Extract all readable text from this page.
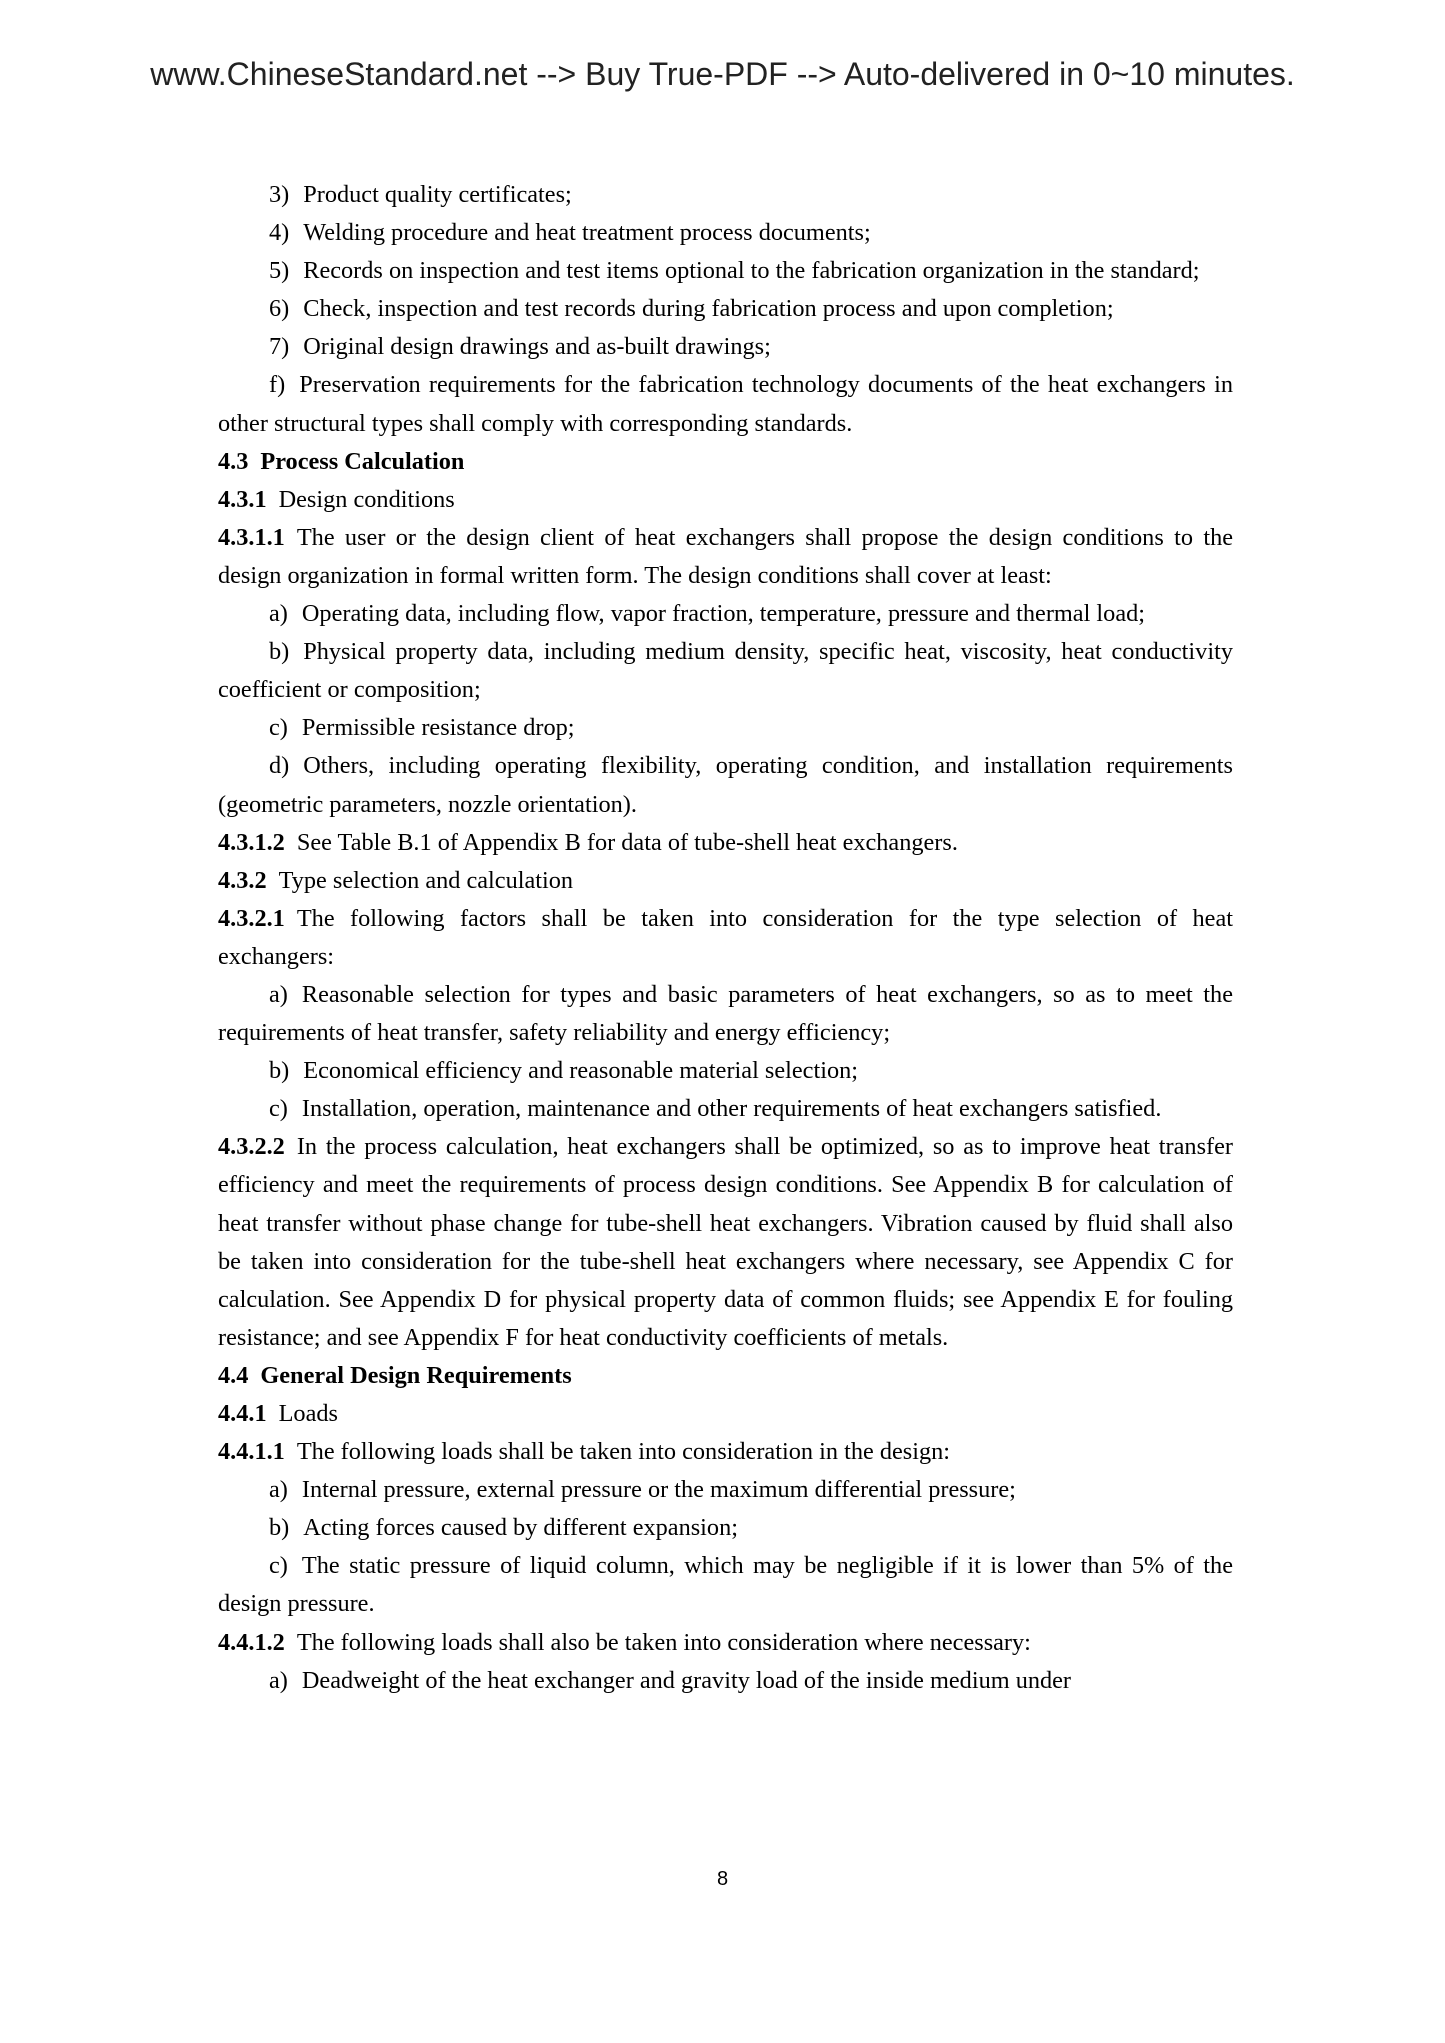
www.ChineseStandard.net --> Buy True-PDF --> Auto-delivered in 0~10 minutes.

3) Product quality certificates;

4) Welding procedure and heat treatment process documents;

5) Records on inspection and test items optional to the fabrication organization in the standard;

6) Check, inspection and test records during fabrication process and upon completion;

7) Original design drawings and as-built drawings;

f) Preservation requirements for the fabrication technology documents of the heat exchangers in other structural types shall comply with corresponding standards.

4.3 Process Calculation

4.3.1 Design conditions

4.3.1.1 The user or the design client of heat exchangers shall propose the design conditions to the design organization in formal written form. The design conditions shall cover at least:

a) Operating data, including flow, vapor fraction, temperature, pressure and thermal load;

b) Physical property data, including medium density, specific heat, viscosity, heat conductivity coefficient or composition;

c) Permissible resistance drop;

d) Others, including operating flexibility, operating condition, and installation requirements (geometric parameters, nozzle orientation).

4.3.1.2 See Table B.1 of Appendix B for data of tube-shell heat exchangers.

4.3.2 Type selection and calculation

4.3.2.1 The following factors shall be taken into consideration for the type selection of heat exchangers:

a) Reasonable selection for types and basic parameters of heat exchangers, so as to meet the requirements of heat transfer, safety reliability and energy efficiency;

b) Economical efficiency and reasonable material selection;

c) Installation, operation, maintenance and other requirements of heat exchangers satisfied.

4.3.2.2 In the process calculation, heat exchangers shall be optimized, so as to improve heat transfer efficiency and meet the requirements of process design conditions. See Appendix B for calculation of heat transfer without phase change for tube-shell heat exchangers. Vibration caused by fluid shall also be taken into consideration for the tube-shell heat exchangers where necessary, see Appendix C for calculation. See Appendix D for physical property data of common fluids; see Appendix E for fouling resistance; and see Appendix F for heat conductivity coefficients of metals.

4.4 General Design Requirements

4.4.1 Loads

4.4.1.1 The following loads shall be taken into consideration in the design:

a) Internal pressure, external pressure or the maximum differential pressure;

b) Acting forces caused by different expansion;

c) The static pressure of liquid column, which may be negligible if it is lower than 5% of the design pressure.

4.4.1.2 The following loads shall also be taken into consideration where necessary:

a) Deadweight of the heat exchanger and gravity load of the inside medium under

8
